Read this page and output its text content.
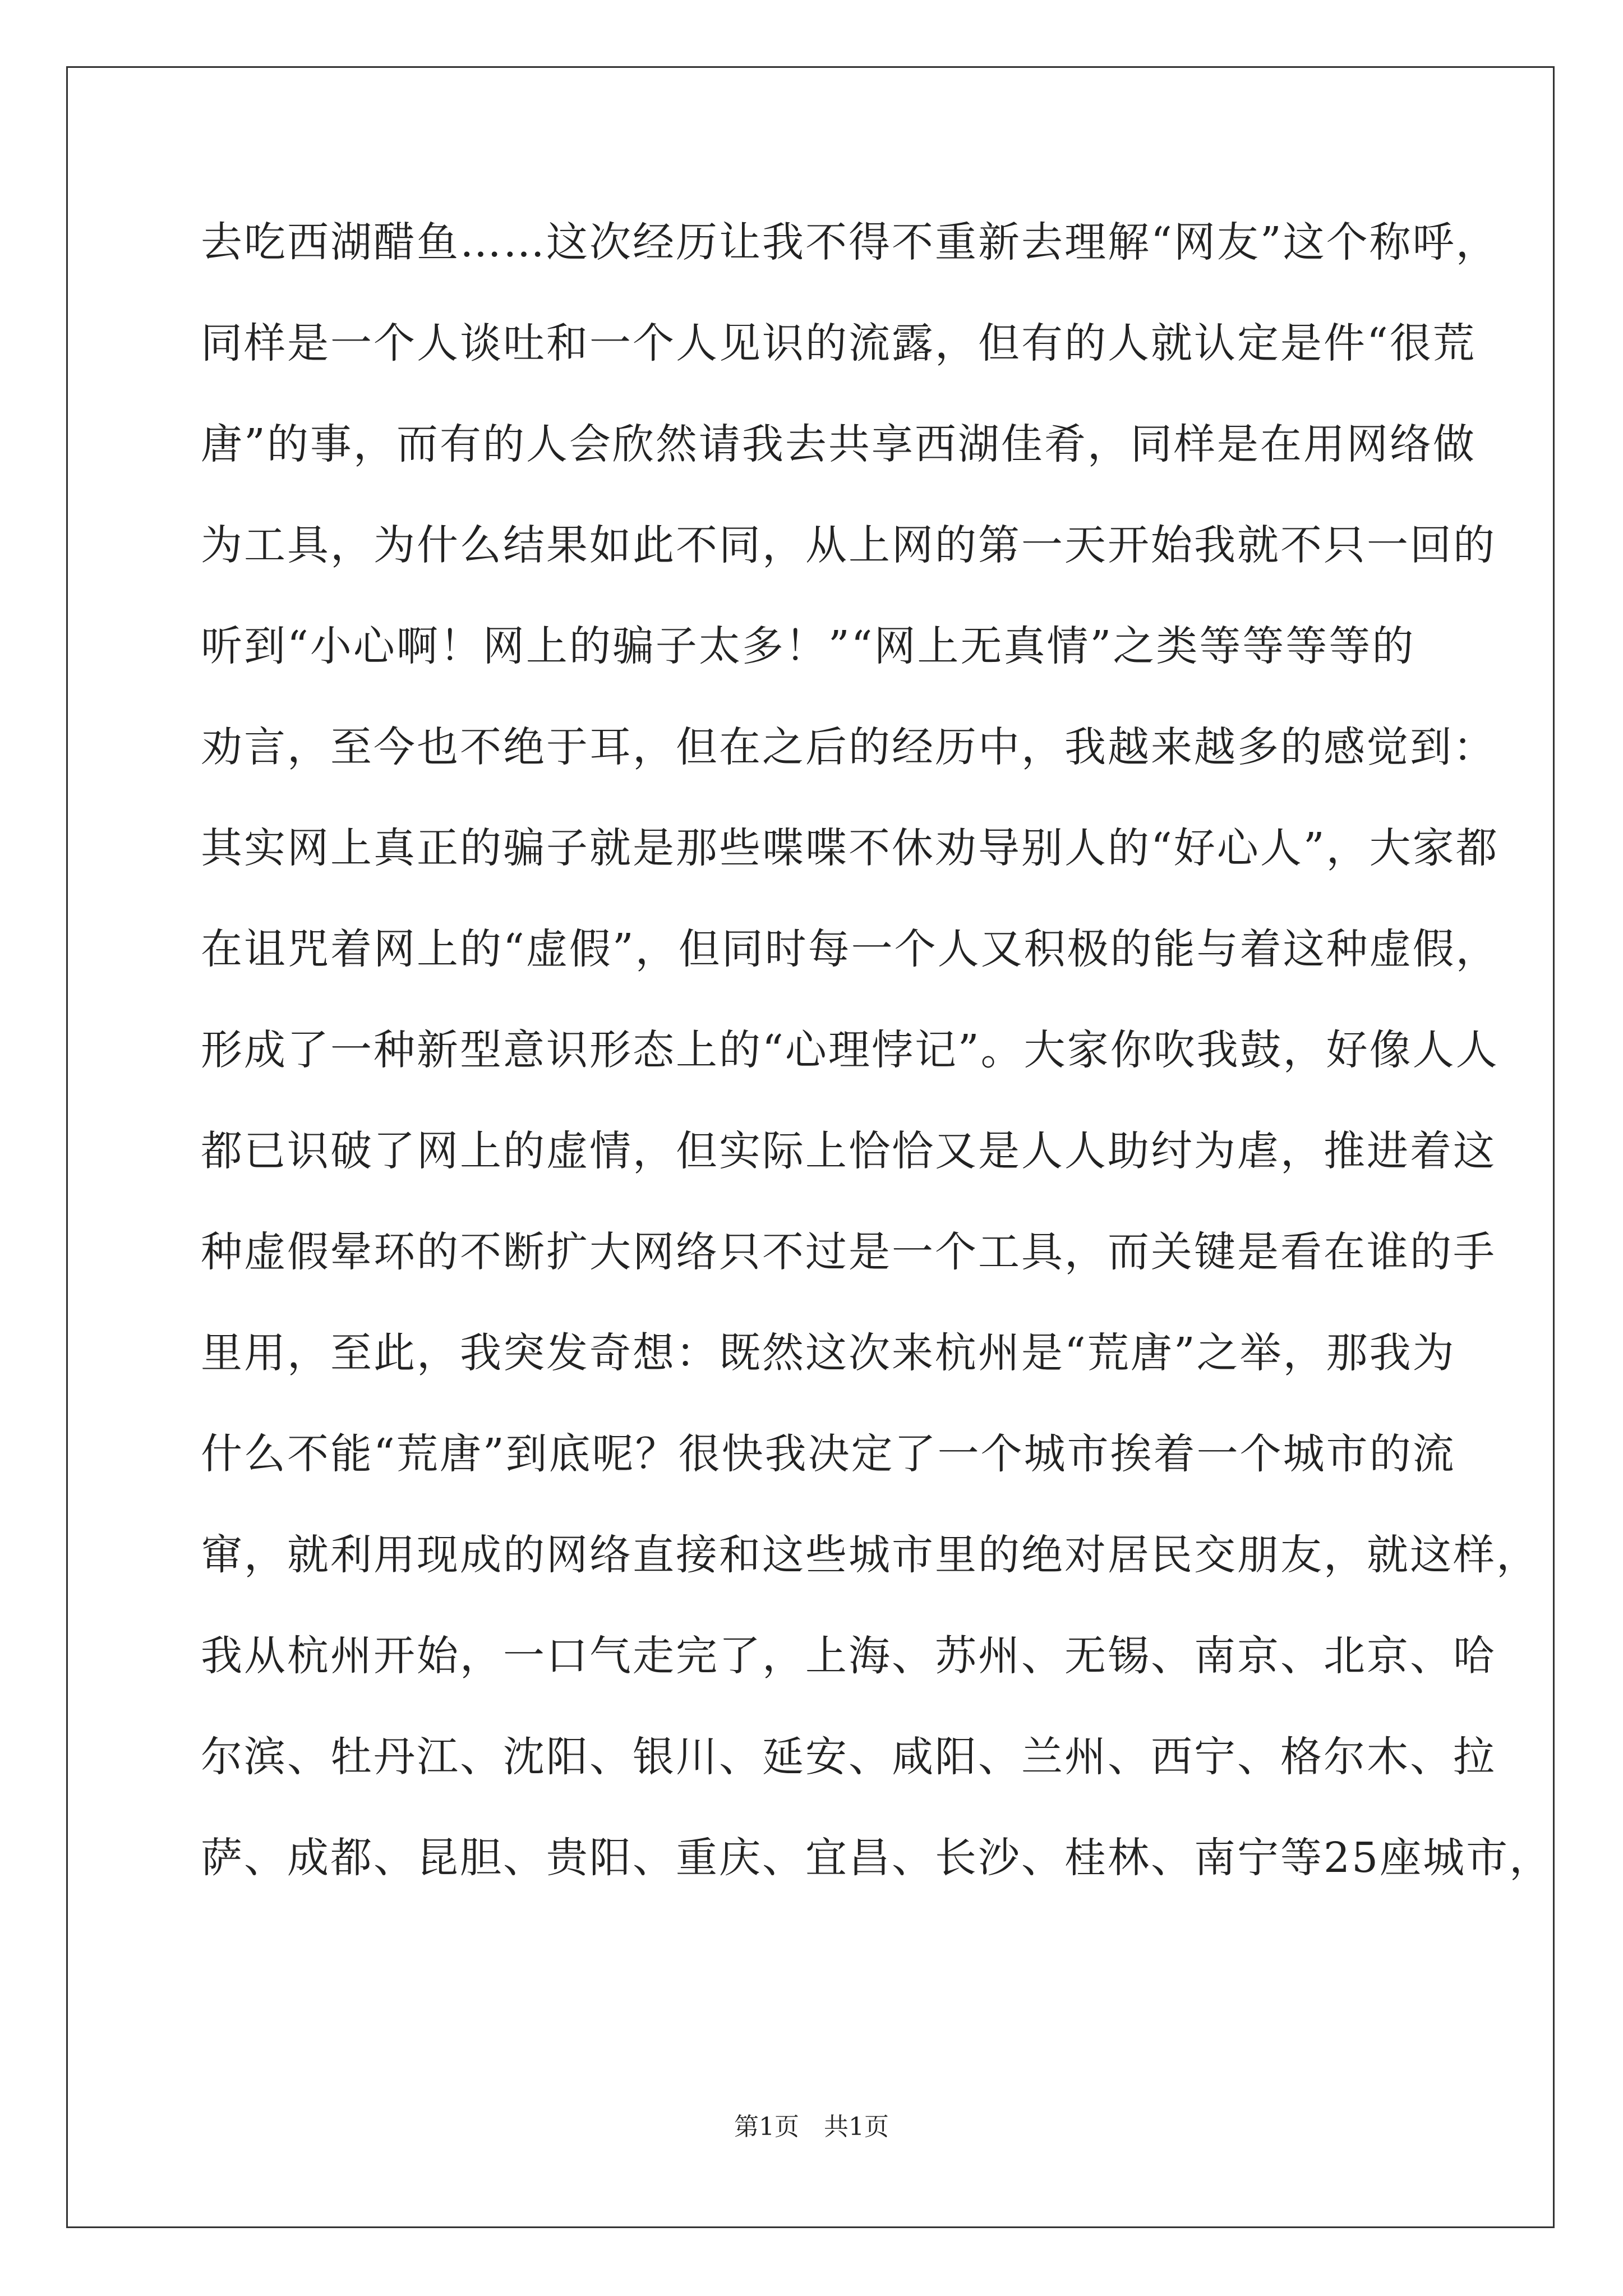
去吃西湖醋鱼……这次经历让我不得不重新去理解“网友”这个称呼，
同样是一个人谈吐和一个人见识的流露，但有的人就认定是件“很荒
唐”的事，而有的人会欣然请我去共享西湖佳肴，同样是在用网络做
为工具，为什么结果如此不同，从上网的第一天开始我就不只一回的
听到“小心啊！网上的骗子太多！”“网上无真情”之类等等等等的
劝言，至今也不绝于耳，但在之后的经历中，我越来越多的感觉到：
其实网上真正的骗子就是那些喋喋不休劝导别人的“好心人”，大家都
在诅咒着网上的“虚假”，但同时每一个人又积极的能与着这种虚假，
形成了一种新型意识形态上的“心理悖记”。大家你吹我鼓，好像人人
都已识破了网上的虚情，但实际上恰恰又是人人助纣为虐，推进着这
种虚假晕环的不断扩大网络只不过是一个工具，而关键是看在谁的手
里用，至此，我突发奇想：既然这次来杭州是“荒唐”之举，那我为
什么不能“荒唐”到底呢？很快我决定了一个城市挨着一个城市的流
窜，就利用现成的网络直接和这些城市里的绝对居民交朋友，就这样，
我从杭州开始，一口气走完了，上海、苏州、无锡、南京、北京、哈
尔滨、牡丹江、沈阳、银川、延安、咸阳、兰州、西宁、格尔木、拉
萨、成都、昆胆、贵阳、重庆、宜昌、长沙、桂林、南宁等25座城市，
第1页　共1页
